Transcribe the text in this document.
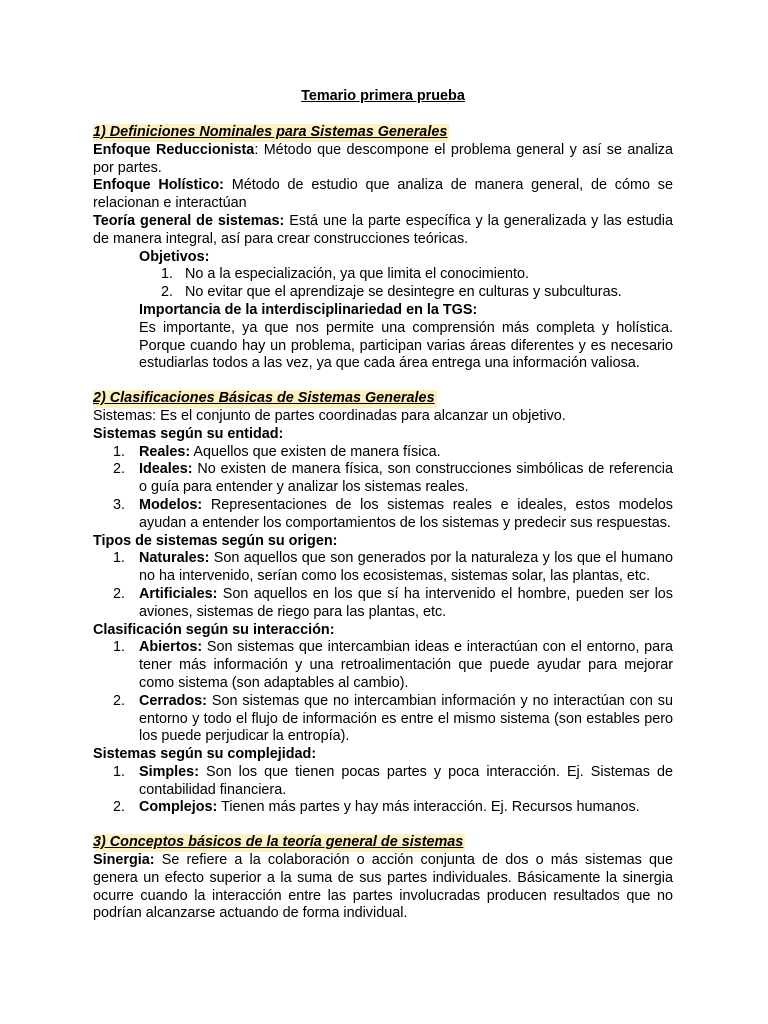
Temario primera prueba

1) Definiciones Nominales para Sistemas Generales

Enfoque Reduccionista: Método que descompone el problema general y así se analiza por partes.

Enfoque Holístico: Método de estudio que analiza de manera general, de cómo se relacionan e interactúan

Teoría general de sistemas: Está une la parte específica y la generalizada y las estudia de manera integral, así para crear construcciones teóricas.

Objetivos:

1. No a la especialización, ya que limita el conocimiento.
2. No evitar que el aprendizaje se desintegre en culturas y subculturas.

Importancia de la interdisciplinariedad en la TGS:

Es importante, ya que nos permite una comprensión más completa y holística. Porque cuando hay un problema, participan varias áreas diferentes y es necesario estudiarlas todos a las vez, ya que cada área entrega una información valiosa.

2) Clasificaciones Básicas de Sistemas Generales

Sistemas: Es el conjunto de partes coordinadas para alcanzar un objetivo.

Sistemas según su entidad:

1. Reales: Aquellos que existen de manera física.
2. Ideales: No existen de manera física, son construcciones simbólicas de referencia o guía para entender y analizar los sistemas reales.
3. Modelos: Representaciones de los sistemas reales e ideales, estos modelos ayudan a entender los comportamientos de los sistemas y predecir sus respuestas.

Tipos de sistemas según su origen:

1. Naturales: Son aquellos que son generados por la naturaleza y los que el humano no ha intervenido, serían como los ecosistemas, sistemas solar, las plantas, etc.
2. Artificiales: Son aquellos en los que sí ha intervenido el hombre, pueden ser los aviones, sistemas de riego para las plantas, etc.

Clasificación según su interacción:

1. Abiertos: Son sistemas que intercambian ideas e interactúan con el entorno, para tener más información y una retroalimentación que puede ayudar para mejorar como sistema (son adaptables al cambio).
2. Cerrados: Son sistemas que no intercambian información y no interactúan con su entorno y todo el flujo de información es entre el mismo sistema (son estables pero los puede perjudicar la entropía).

Sistemas según su complejidad:

1. Simples: Son los que tienen pocas partes y poca interacción. Ej. Sistemas de contabilidad financiera.
2. Complejos: Tienen más partes y hay más interacción. Ej. Recursos humanos.

3) Conceptos básicos de la teoría general de sistemas

Sinergia: Se refiere a la colaboración o acción conjunta de dos o más sistemas que genera un efecto superior a la suma de sus partes individuales. Básicamente la sinergia ocurre cuando la interacción entre las partes involucradas producen resultados que no podrían alcanzarse actuando de forma individual.
